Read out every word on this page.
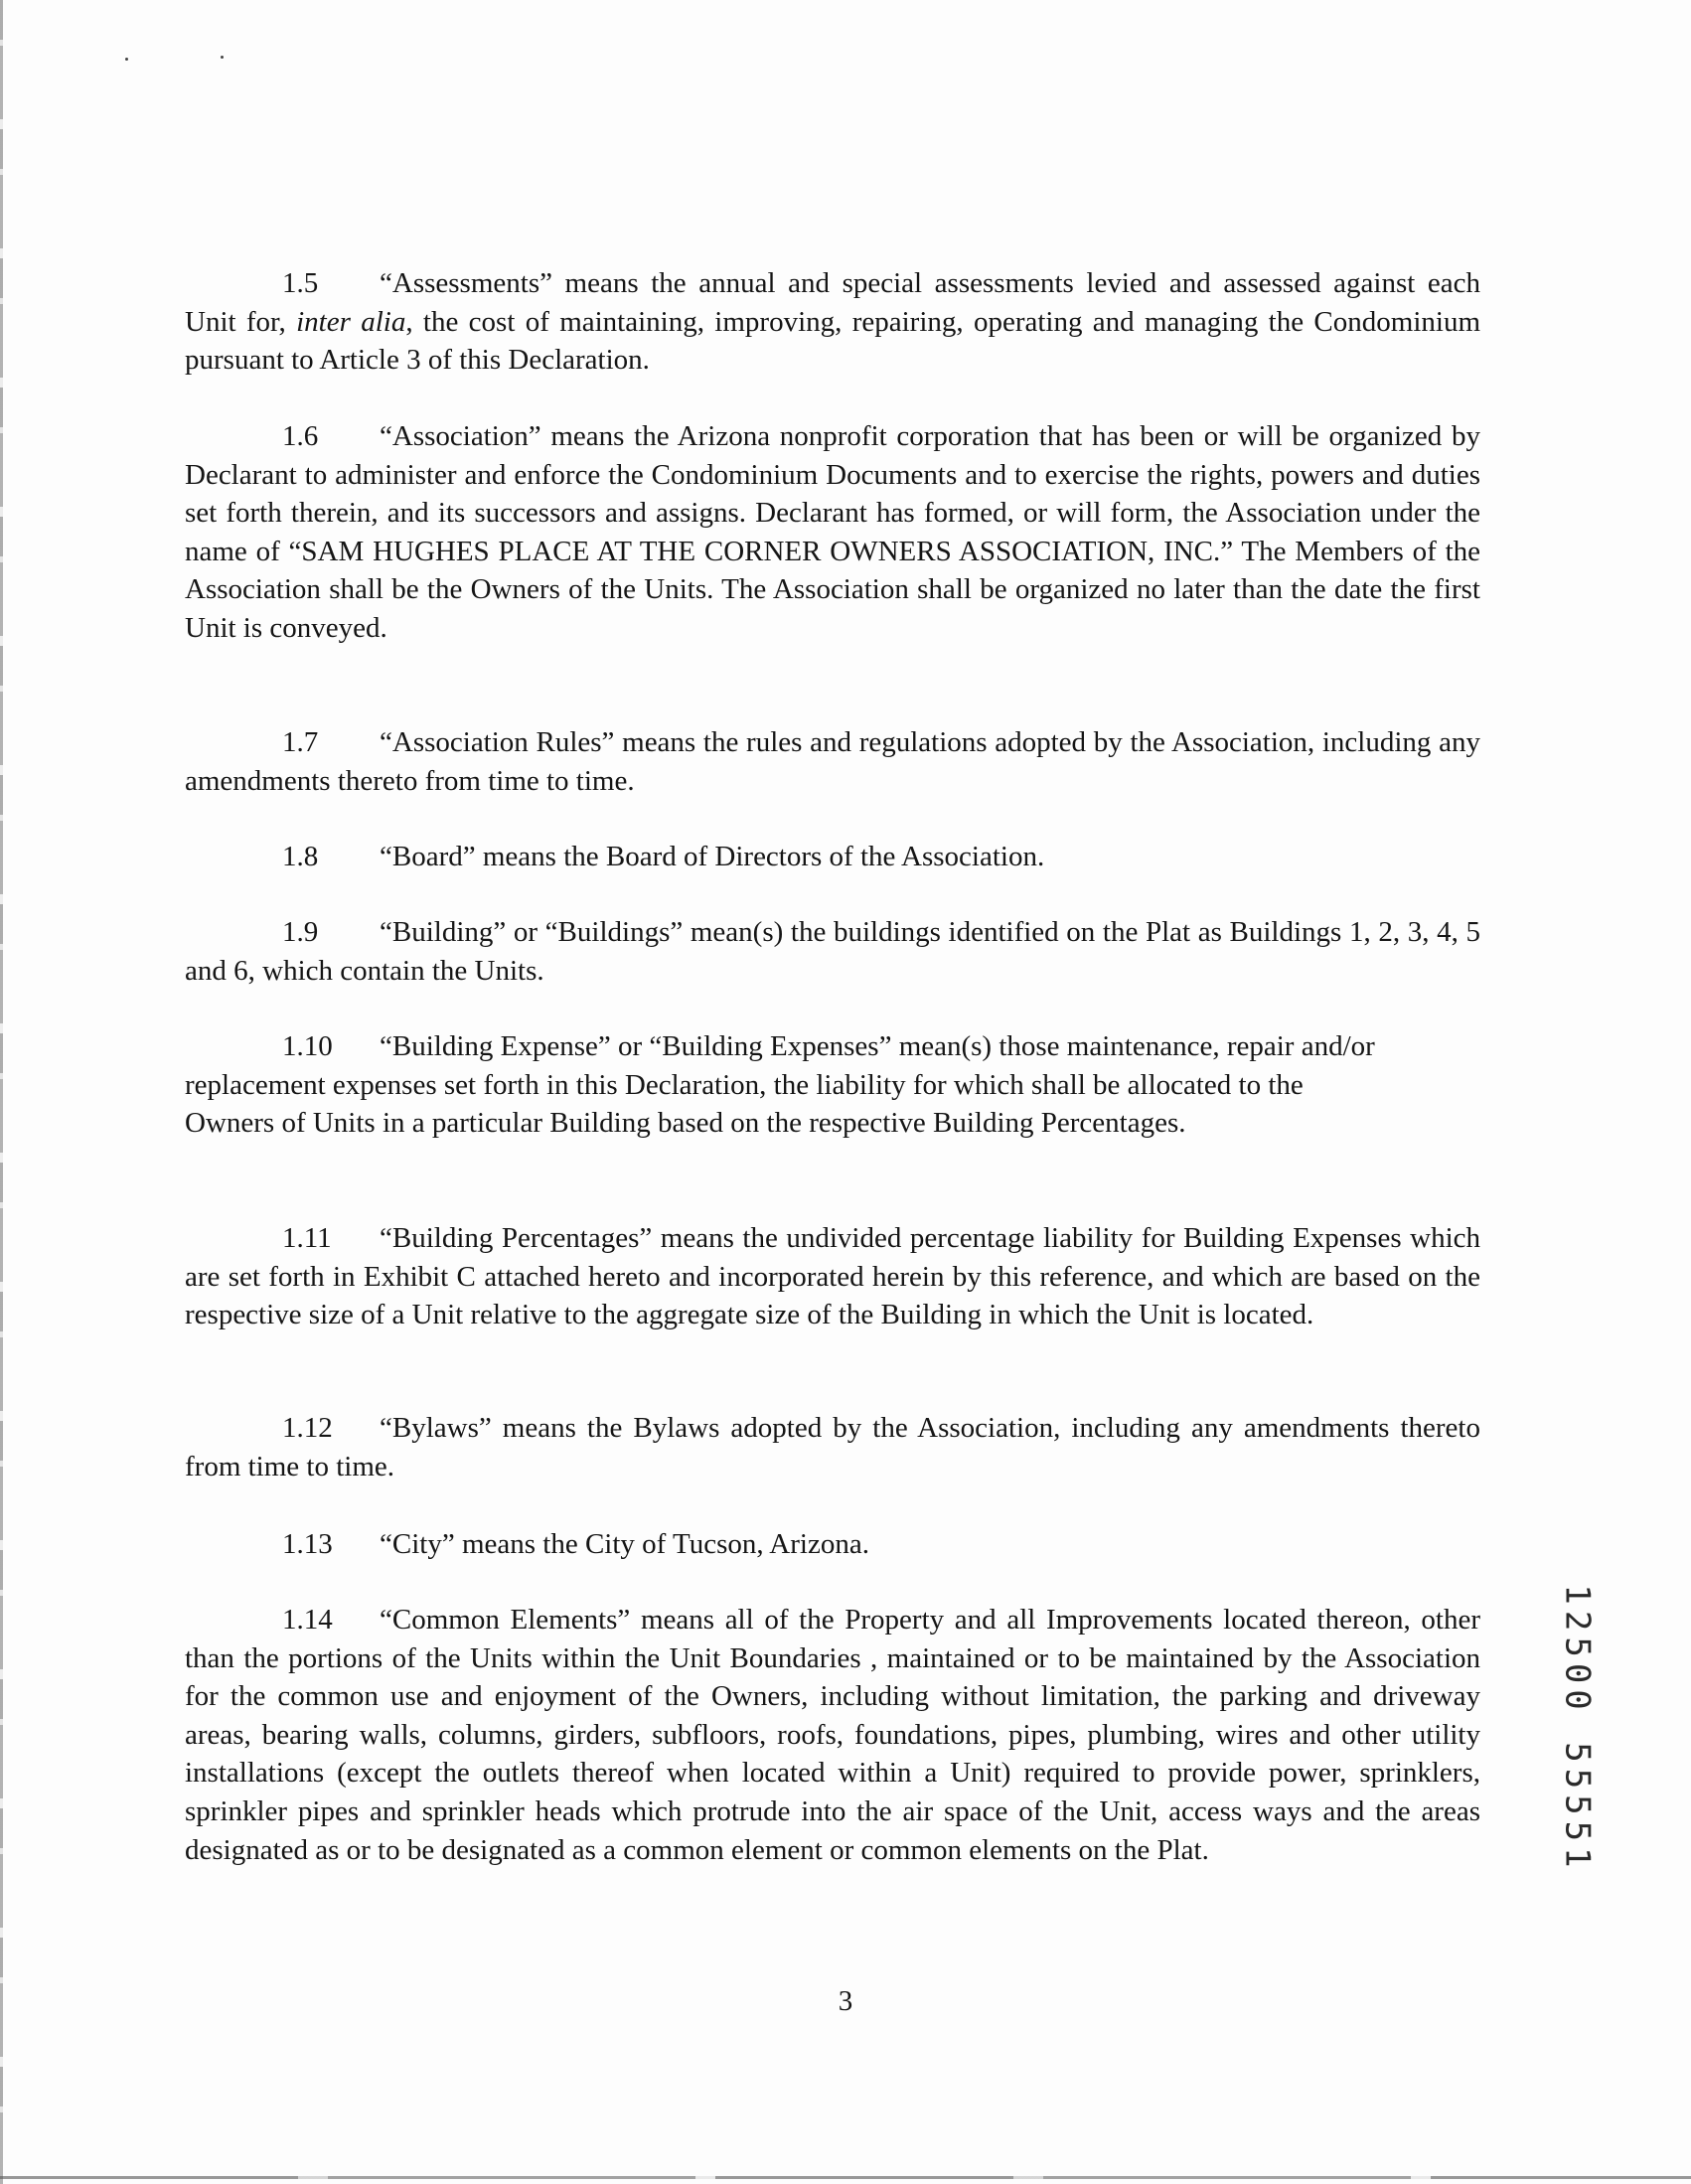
1.5 “Assessments” means the annual and special assessments levied and assessed against each Unit for, inter alia, the cost of maintaining, improving, repairing, operating and managing the Condominium pursuant to Article 3 of this Declaration.

1.6 “Association” means the Arizona nonprofit corporation that has been or will be organized by Declarant to administer and enforce the Condominium Documents and to exercise the rights, powers and duties set forth therein, and its successors and assigns. Declarant has formed, or will form, the Association under the name of “SAM HUGHES PLACE AT THE CORNER OWNERS ASSOCIATION, INC.” The Members of the Association shall be the Owners of the Units. The Association shall be organized no later than the date the first Unit is conveyed.

1.7 “Association Rules” means the rules and regulations adopted by the Association, including any amendments thereto from time to time.

1.8 “Board” means the Board of Directors of the Association.

1.9 “Building” or “Buildings” mean(s) the buildings identified on the Plat as Buildings 1, 2, 3, 4, 5 and 6, which contain the Units.

1.10 “Building Expense” or “Building Expenses” mean(s) those maintenance, repair and/or replacement expenses set forth in this Declaration, the liability for which shall be allocated to the

Owners of Units in a particular Building based on the respective Building Percentages.

1.11 “Building Percentages” means the undivided percentage liability for Building Expenses which are set forth in Exhibit C attached hereto and incorporated herein by this reference, and which are based on the respective size of a Unit relative to the aggregate size of the Building in which the Unit is located.

1.12 “Bylaws” means the Bylaws adopted by the Association, including any amendments thereto from time to time.

1.13 “City” means the City of Tucson, Arizona.

1.14 “Common Elements” means all of the Property and all Improvements located thereon, other than the portions of the Units within the Unit Boundaries , maintained or to be maintained by the Association for the common use and enjoyment of the Owners, including without limitation, the parking and driveway areas, bearing walls, columns, girders, subfloors, roofs, foundations, pipes, plumbing, wires and other utility installations (except the outlets thereof when located within a Unit) required to provide power, sprinklers, sprinkler pipes and sprinkler heads which protrude into the air space of the Unit, access ways and the areas designated as or to be designated as a common element or common elements on the Plat.	12500 55551
3
